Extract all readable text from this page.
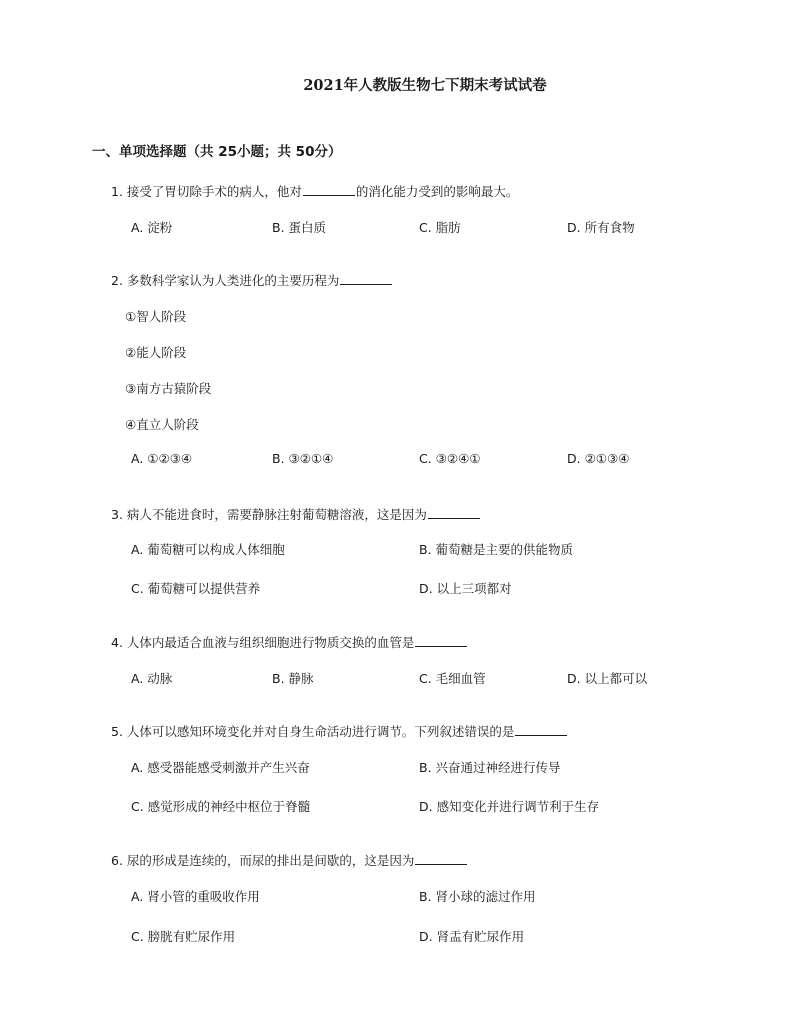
2021年人教版生物七下期末考试试卷
一、单项选择题（共 25小题；共 50分）
1. 接受了胃切除手术的病人，他对	的消化能力受到的影响最大。
A. 淀粉	B. 蛋白质	C. 脂肪	D. 所有食物
2. 多数科学家认为人类进化的主要历程为
①智人阶段
②能人阶段
③南方古猿阶段
④直立人阶段
A. ①②③④	B. ③②①④	C. ③②④①	D. ②①③④
3. 病人不能进食时，需要静脉注射葡萄糖溶液，这是因为
A. 葡萄糖可以构成人体细胞	B. 葡萄糖是主要的供能物质
C. 葡萄糖可以提供营养	D. 以上三项都对
4. 人体内最适合血液与组织细胞进行物质交换的血管是
A. 动脉	B. 静脉	C. 毛细血管	D. 以上都可以
5. 人体可以感知环境变化并对自身生命活动进行调节。下列叙述错误的是
A. 感受器能感受刺激并产生兴奋	B. 兴奋通过神经进行传导
C. 感觉形成的神经中枢位于脊髓	D. 感知变化并进行调节利于生存
6. 尿的形成是连续的，而尿的排出是间歇的，这是因为
A. 肾小管的重吸收作用	B. 肾小球的滤过作用
C. 膀胱有贮尿作用	D. 肾盂有贮尿作用
